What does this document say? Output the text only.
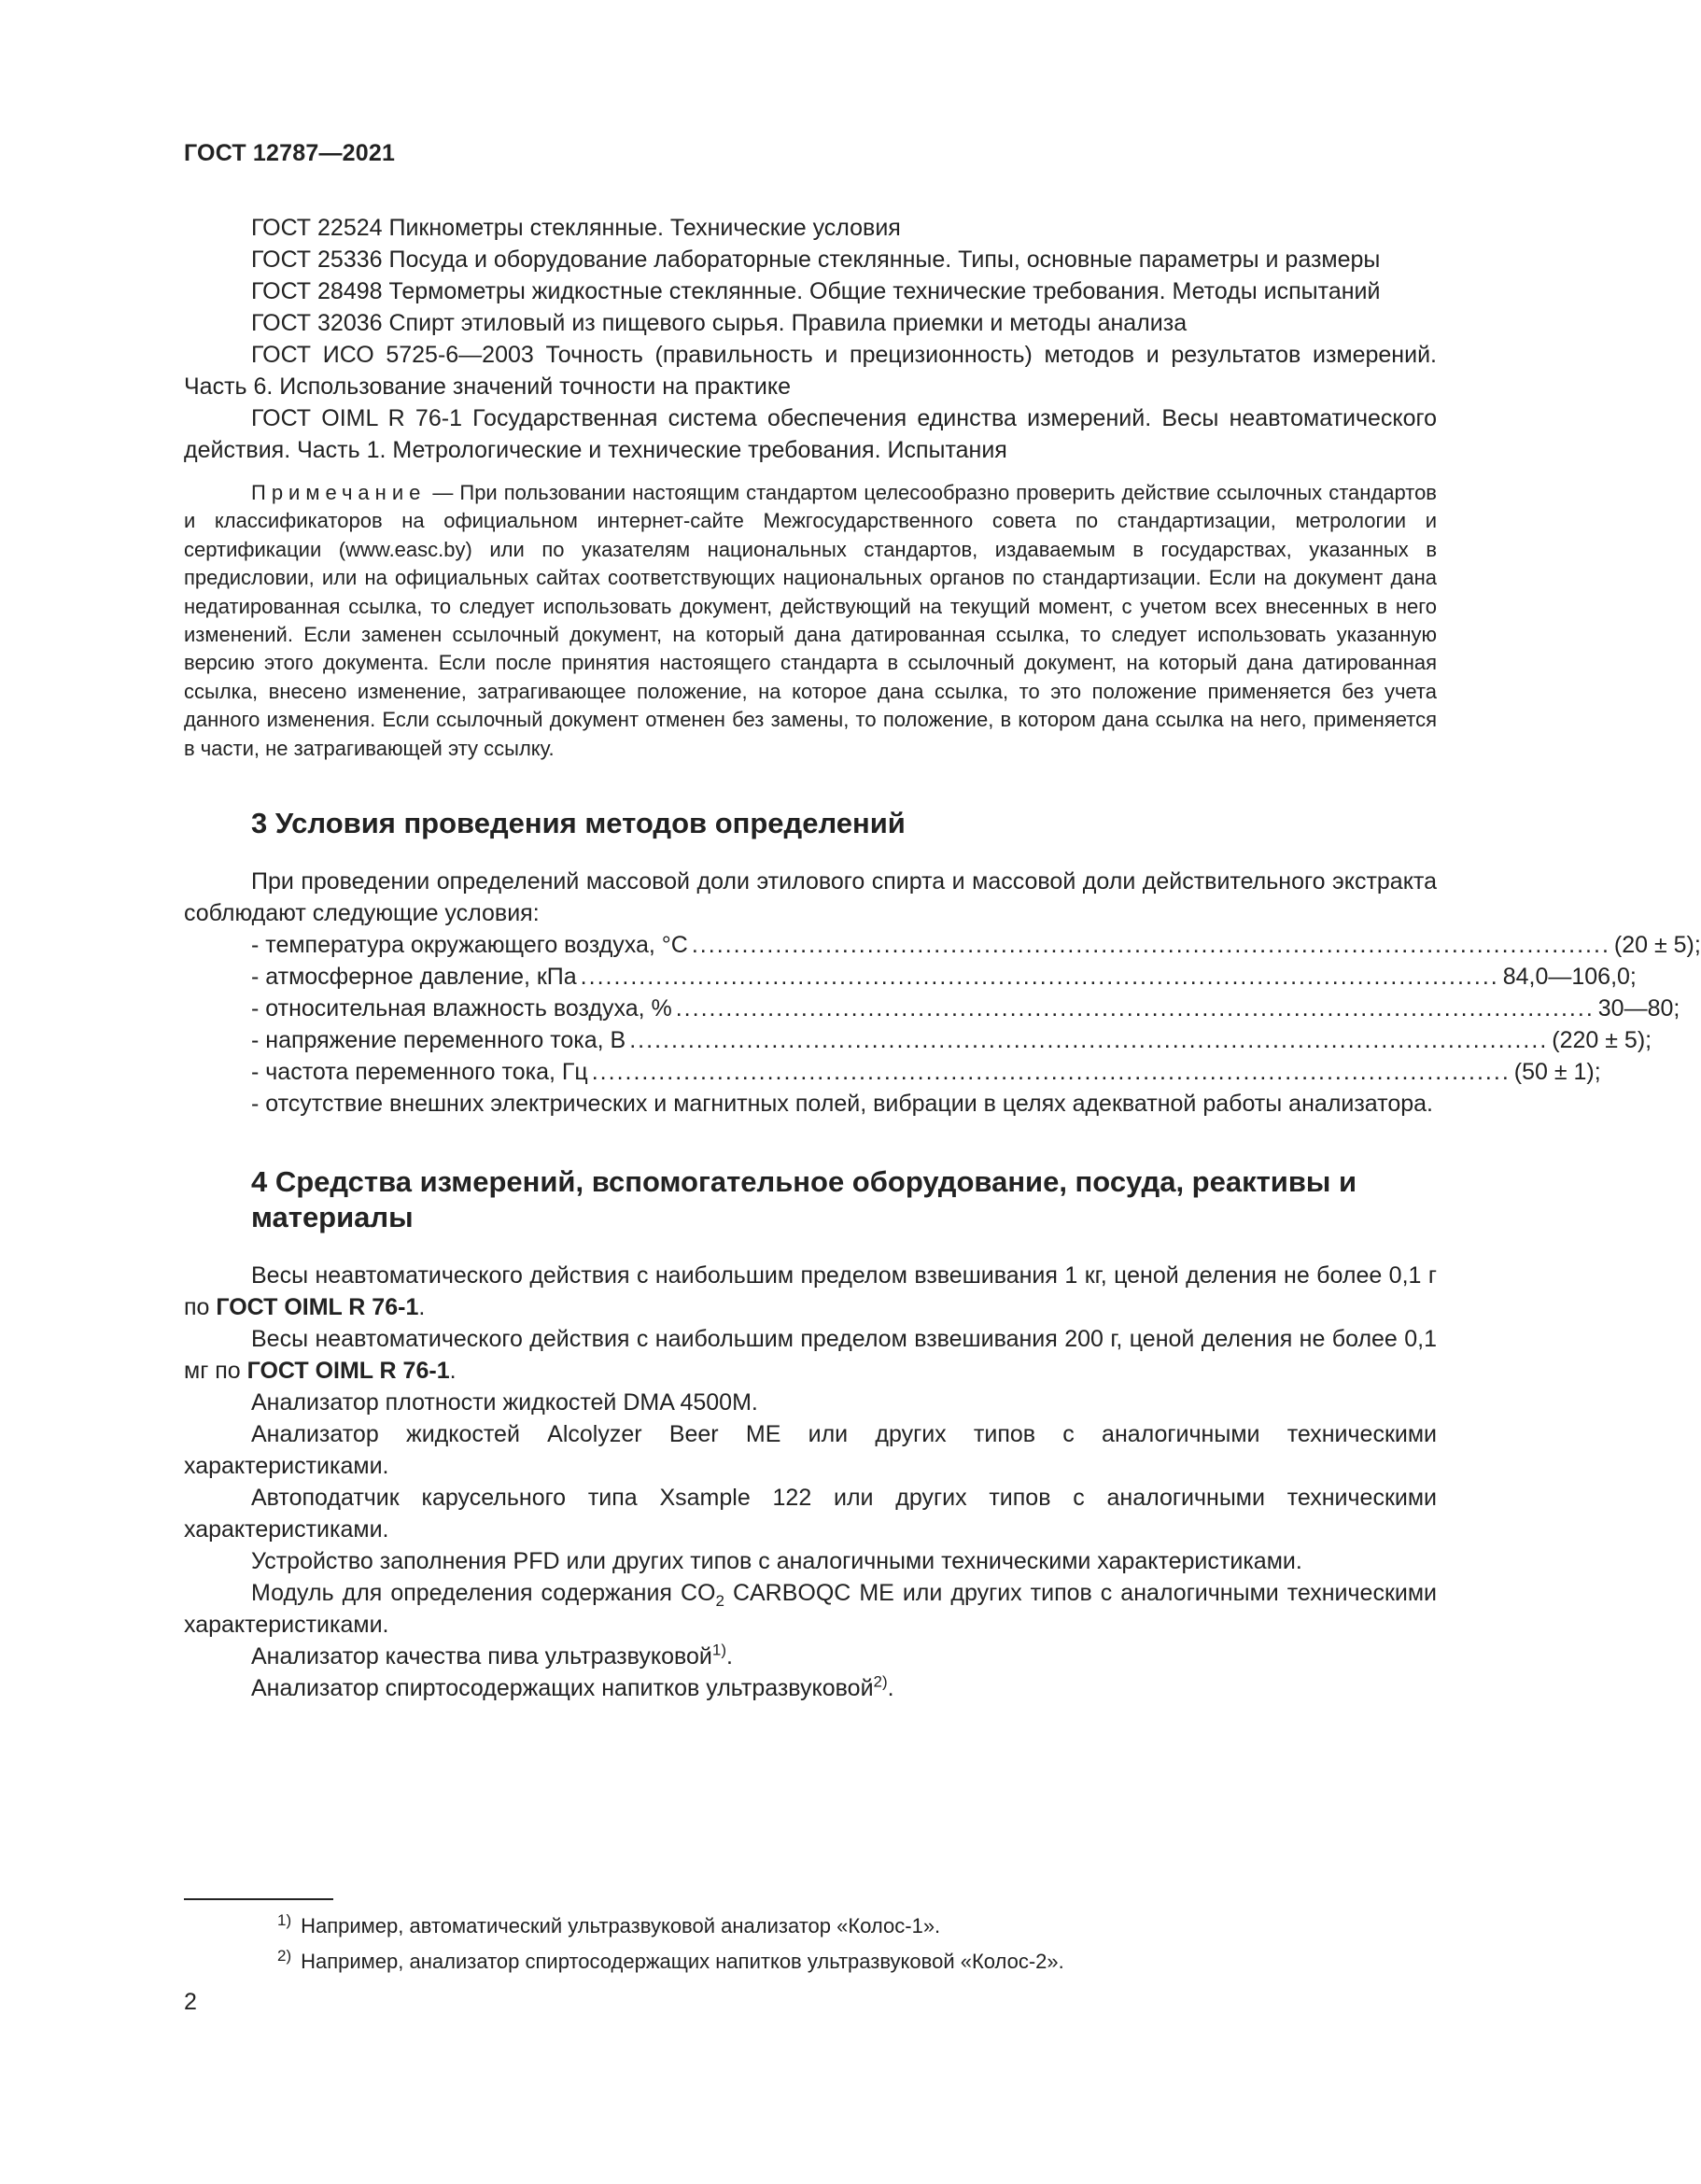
ГОСТ 12787—2021

ГОСТ 22524 Пикнометры стеклянные. Технические условия

ГОСТ 25336 Посуда и оборудование лабораторные стеклянные. Типы, основные параметры и размеры

ГОСТ 28498 Термометры жидкостные стеклянные. Общие технические требования. Методы испытаний

ГОСТ 32036 Спирт этиловый из пищевого сырья. Правила приемки и методы анализа

ГОСТ ИСО 5725-6—2003 Точность (правильность и прецизионность) методов и результатов измерений. Часть 6. Использование значений точности на практике

ГОСТ OIML R 76-1 Государственная система обеспечения единства измерений. Весы неавтоматического действия. Часть 1. Метрологические и технические требования. Испытания

Примечание — При пользовании настоящим стандартом целесообразно проверить действие ссылочных стандартов и классификаторов на официальном интернет-сайте Межгосударственного совета по стандартизации, метрологии и сертификации (www.easc.by) или по указателям национальных стандартов, издаваемым в государствах, указанных в предисловии, или на официальных сайтах соответствующих национальных органов по стандартизации. Если на документ дана недатированная ссылка, то следует использовать документ, действующий на текущий момент, с учетом всех внесенных в него изменений. Если заменен ссылочный документ, на который дана датированная ссылка, то следует использовать указанную версию этого документа. Если после принятия настоящего стандарта в ссылочный документ, на который дана датированная ссылка, внесено изменение, затрагивающее положение, на которое дана ссылка, то это положение применяется без учета данного изменения. Если ссылочный документ отменен без замены, то положение, в котором дана ссылка на него, применяется в части, не затрагивающей эту ссылку.
3 Условия проведения методов определений

При проведении определений массовой доли этилового спирта и массовой доли действительного экстракта соблюдают следующие условия:

- температура окружающего воздуха, °С .............................................................................................................. (20 ± 5);
- атмосферное давление, кПа .............................................................................................................. 84,0—106,0;
- относительная влажность воздуха, % .............................................................................................................. 30—80;
- напряжение переменного тока, В .............................................................................................................. (220 ± 5);
- частота переменного тока, Гц .............................................................................................................. (50 ± 1);

- отсутствие внешних электрических и магнитных полей, вибрации в целях адекватной работы анализатора.

4 Средства измерений, вспомогательное оборудование, посуда, реактивы и материалы

Весы неавтоматического действия с наибольшим пределом взвешивания 1 кг, ценой деления не более 0,1 г по ГОСТ OIML R 76-1.

Весы неавтоматического действия с наибольшим пределом взвешивания 200 г, ценой деления не более 0,1 мг по ГОСТ OIML R 76-1.

Анализатор плотности жидкостей DMA 4500M.

Анализатор жидкостей Alcolyzer Beer ME или других типов с аналогичными техническими характеристиками.

Автоподатчик карусельного типа Xsample 122 или других типов с аналогичными техническими характеристиками.

Устройство заполнения PFD или других типов с аналогичными техническими характеристиками.

Модуль для определения содержания $CO_2$ CARBOQC ME или других типов с аналогичными техническими характеристиками.

Анализатор качества пива ультразвуковой$^{1)}$.

Анализатор спиртосодержащих напитков ультразвуковой$^{2)}$.

$^{1)}$ Например, автоматический ультразвуковой анализатор «Колос-1».
$^{2)}$ Например, анализатор спиртосодержащих напитков ультразвуковой «Колос-2».
2
